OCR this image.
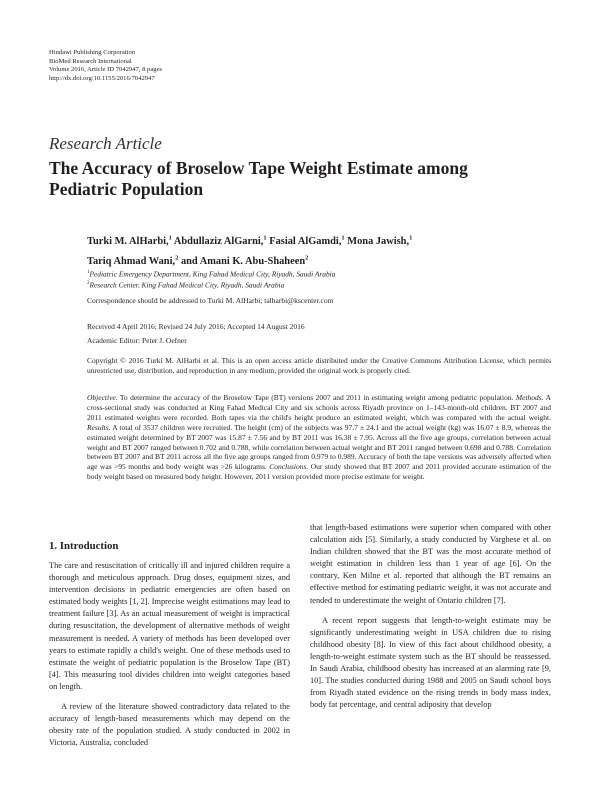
Hindawi Publishing Corporation
BioMed Research International
Volume 2016, Article ID 7042947, 8 pages
http://dx.doi.org/10.1155/2016/7042947
Research Article
The Accuracy of Broselow Tape Weight Estimate among Pediatric Population
Turki M. AlHarbi,$^1$ Abdullaziz AlGarni,$^1$ Fasial AlGamdi,$^1$ Mona Jawish,$^1$
Tariq Ahmad Wani,$^2$ and Amani K. Abu-Shaheen$^2$
$^1$Pediatric Emergency Department, King Fahad Medical City, Riyadh, Saudi Arabia
$^2$Research Center, King Fahad Medical City, Riyadh, Saudi Arabia
Correspondence should be addressed to Turki M. AlHarbi; talharbi@kscenter.com
Received 4 April 2016; Revised 24 July 2016; Accepted 14 August 2016
Academic Editor: Peter J. Oefner
Copyright © 2016 Turki M. AlHarbi et al. This is an open access article distributed under the Creative Commons Attribution License, which permits unrestricted use, distribution, and reproduction in any medium, provided the original work is properly cited.
Objective. To determine the accuracy of the Broselow Tape (BT) versions 2007 and 2011 in estimating weight among pediatric population. Methods. A cross-sectional study was conducted at King Fahad Medical City and six schools across Riyadh province on 1–143-month-old children. BT 2007 and 2011 estimated weights were recorded. Both tapes via the child's height produce an estimated weight, which was compared with the actual weight. Results. A total of 3537 children were recruited. The height (cm) of the subjects was 97.7 ± 24.1 and the actual weight (kg) was 16.07 ± 8.9, whereas the estimated weight determined by BT 2007 was 15.87 ± 7.56 and by BT 2011 was 16.38 ± 7.95. Across all the five age groups, correlation between actual weight and BT 2007 ranged between 0.702 and 0.788, while correlation between actual weight and BT 2011 ranged between 0.698 and 0.788. Correlation between BT 2007 and BT 2011 across all the five age groups ranged from 0.979 to 0.989. Accuracy of both the tape versions was adversely affected when age was >95 months and body weight was >26 kilograms. Conclusions. Our study showed that BT 2007 and 2011 provided accurate estimation of the body weight based on measured body height. However, 2011 version provided more precise estimate for weight.
1. Introduction

The care and resuscitation of critically ill and injured children require a thorough and meticulous approach. Drug doses, equipment sizes, and intervention decisions in pediatric emergencies are often based on estimated body weights [1, 2]. Imprecise weight estimations may lead to treatment failure [3]. As an actual measurement of weight is impractical during resuscitation, the development of alternative methods of weight measurement is needed. A variety of methods has been developed over years to estimate rapidly a child's weight. One of these methods used to estimate the weight of pediatric population is the Broselow Tape (BT) [4]. This measuring tool divides children into weight categories based on length.

A review of the literature showed contradictory data related to the accuracy of length-based measurements which may depend on the obesity rate of the population studied. A study conducted in 2002 in Victoria, Australia, concluded

that length-based estimations were superior when compared with other calculation aids [5]. Similarly, a study conducted by Varghese et al. on Indian children showed that the BT was the most accurate method of weight estimation in children less than 1 year of age [6]. On the contrary, Ken Milne et al. reported that although the BT remains an effective method for estimating pediatric weight, it was not accurate and tended to underestimate the weight of Ontario children [7].

A recent report suggests that length-to-weight estimate may be significantly underestimating weight in USA children due to rising childhood obesity [8]. In view of this fact about childhood obesity, a length-to-weight estimate system such as the BT should be reassessed. In Saudi Arabia, childhood obesity has increased at an alarming rate [9, 10]. The studies conducted during 1988 and 2005 on Saudi school boys from Riyadh stated evidence on the rising trends in body mass index, body fat percentage, and central adiposity that develop
